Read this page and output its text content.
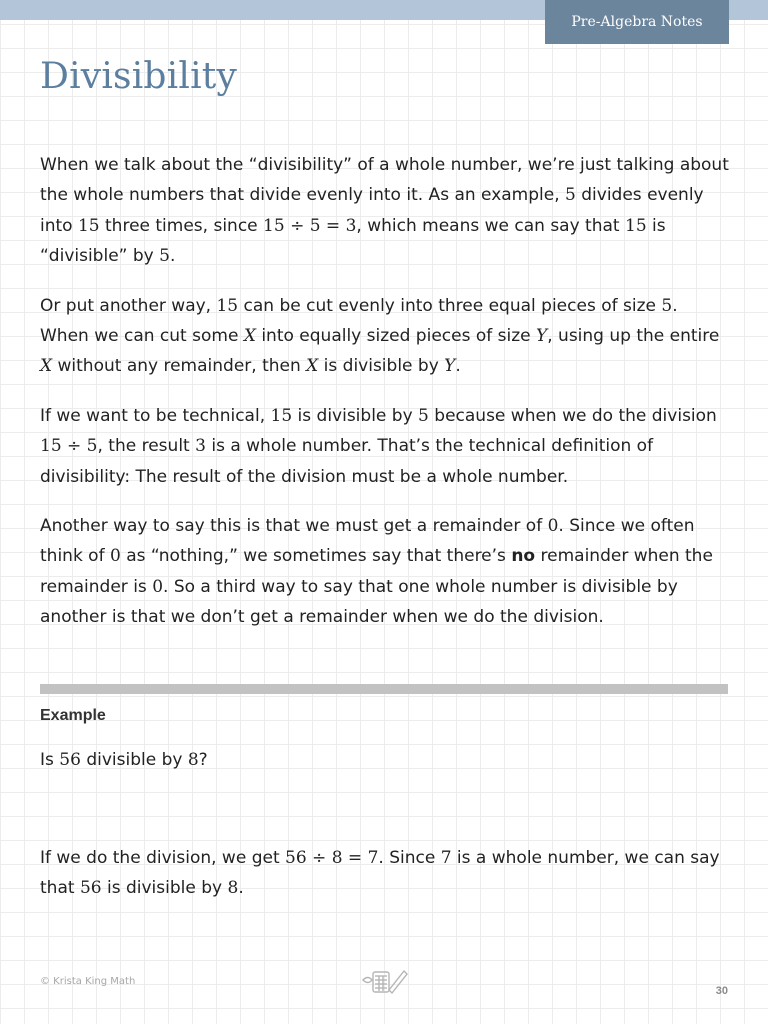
Pre-Algebra Notes
Divisibility

When we talk about the “divisibility” of a whole number, we’re just talking about the whole numbers that divide evenly into it. As an example, 5 divides evenly into 15 three times, since 15 ÷ 5 = 3, which means we can say that 15 is “divisible” by 5.

Or put another way, 15 can be cut evenly into three equal pieces of size 5. When we can cut some X into equally sized pieces of size Y, using up the entire X without any remainder, then X is divisible by Y.

If we want to be technical, 15 is divisible by 5 because when we do the division 15 ÷ 5, the result 3 is a whole number. That’s the technical definition of divisibility: The result of the division must be a whole number.

Another way to say this is that we must get a remainder of 0. Since we often think of 0 as “nothing,” we sometimes say that there’s no remainder when the remainder is 0. So a third way to say that one whole number is divisible by another is that we don’t get a remainder when we do the division.

Example

Is 56 divisible by 8?

If we do the division, we get 56 ÷ 8 = 7. Since 7 is a whole number, we can say that 56 is divisible by 8.

© Krista King Math
30
